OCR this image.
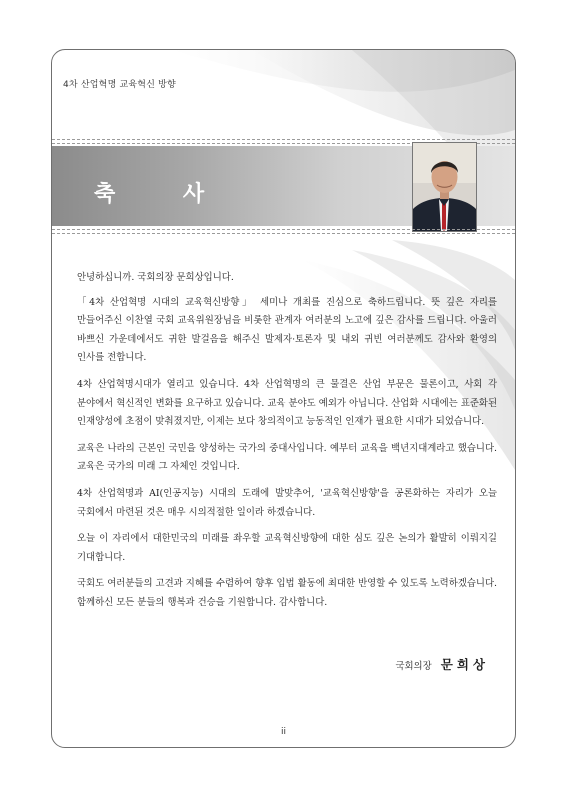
4차 산업혁명 교육혁신 방향
축 사

안녕하십니까. 국회의장 문희상입니다.

「4차 산업혁명 시대의 교육혁신방향」 세미나 개최를 진심으로 축하드립니다. 뜻 깊은 자리를 만들어주신 이찬열 국회 교육위원장님을 비롯한 관계자 여러분의 노고에 깊은 감사를 드립니다. 아울러 바쁘신 가운데에서도 귀한 발걸음을 해주신 발제자·토론자 및 내외 귀빈 여러분께도 감사와 환영의 인사를 전합니다.

4차 산업혁명시대가 열리고 있습니다. 4차 산업혁명의 큰 물결은 산업 부문은 물론이고, 사회 각 분야에서 혁신적인 변화를 요구하고 있습니다. 교육 분야도 예외가 아닙니다. 산업화 시대에는 표준화된 인재양성에 초점이 맞춰졌지만, 이제는 보다 창의적이고 능동적인 인재가 필요한 시대가 되었습니다.

교육은 나라의 근본인 국민을 양성하는 국가의 중대사입니다. 예부터 교육을 백년지대계라고 했습니다. 교육은 국가의 미래 그 자체인 것입니다.

4차 산업혁명과 AI(인공지능) 시대의 도래에 발맞추어, '교육혁신방향'을 공론화하는 자리가 오늘 국회에서 마련된 것은 매우 시의적절한 일이라 하겠습니다.

오늘 이 자리에서 대한민국의 미래를 좌우할 교육혁신방향에 대한 심도 깊은 논의가 활발히 이뤄지길 기대합니다.

국회도 여러분들의 고견과 지혜를 수렴하여 향후 입법 활동에 최대한 반영할 수 있도록 노력하겠습니다. 함께하신 모든 분들의 행복과 건승을 기원합니다. 감사합니다.

국회의장 문희상
ii
